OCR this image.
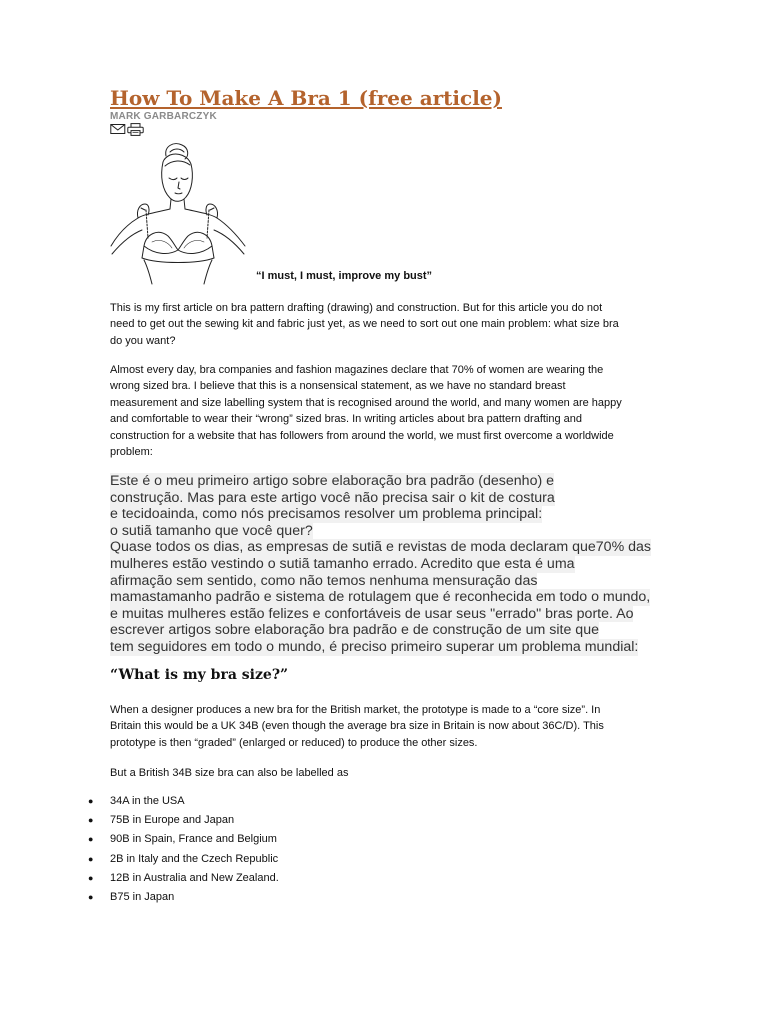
How To Make A Bra 1 (free article)
MARK GARBARCZYK
“I must, I must, improve my bust”

This is my first article on bra pattern drafting (drawing) and construction. But for this article you do not
need to get out the sewing kit and fabric just yet, as we need to sort out one main problem: what size bra
do you want?

Almost every day, bra companies and fashion magazines declare that 70% of women are wearing the
wrong sized bra. I believe that this is a nonsensical statement, as we have no standard breast
measurement and size labelling system that is recognised around the world, and many women are happy
and comfortable to wear their “wrong” sized bras. In writing articles about bra pattern drafting and
construction for a website that has followers from around the world, we must first overcome a worldwide
problem:

Este é o meu primeiro artigo sobre elaboração bra padrão (desenho) e
construção. Mas para este artigo você não precisa sair o kit de costura
e tecidoainda, como nós precisamos resolver um problema principal:
o sutiã tamanho que você quer?
Quase todos os dias, as empresas de sutiã e revistas de moda declaram que70% das
mulheres estão vestindo o sutiã tamanho errado. Acredito que esta é uma
afirmação sem sentido, como não temos nenhuma mensuração das
mamastamanho padrão e sistema de rotulagem que é reconhecida em todo o mundo,
e muitas mulheres estão felizes e confortáveis de usar seus "errado" bras porte. Ao
escrever artigos sobre elaboração bra padrão e de construção de um site que
tem seguidores em todo o mundo, é preciso primeiro superar um problema mundial:

“What is my bra size?”

When a designer produces a new bra for the British market, the prototype is made to a “core size”. In
Britain this would be a UK 34B (even though the average bra size in Britain is now about 36C/D). This
prototype is then “graded” (enlarged or reduced) to produce the other sizes.

But a British 34B size bra can also be labelled as

● 34A in the USA
● 75B in Europe and Japan
● 90B in Spain, France and Belgium
● 2B in Italy and the Czech Republic
● 12B in Australia and New Zealand.
● B75 in Japan
